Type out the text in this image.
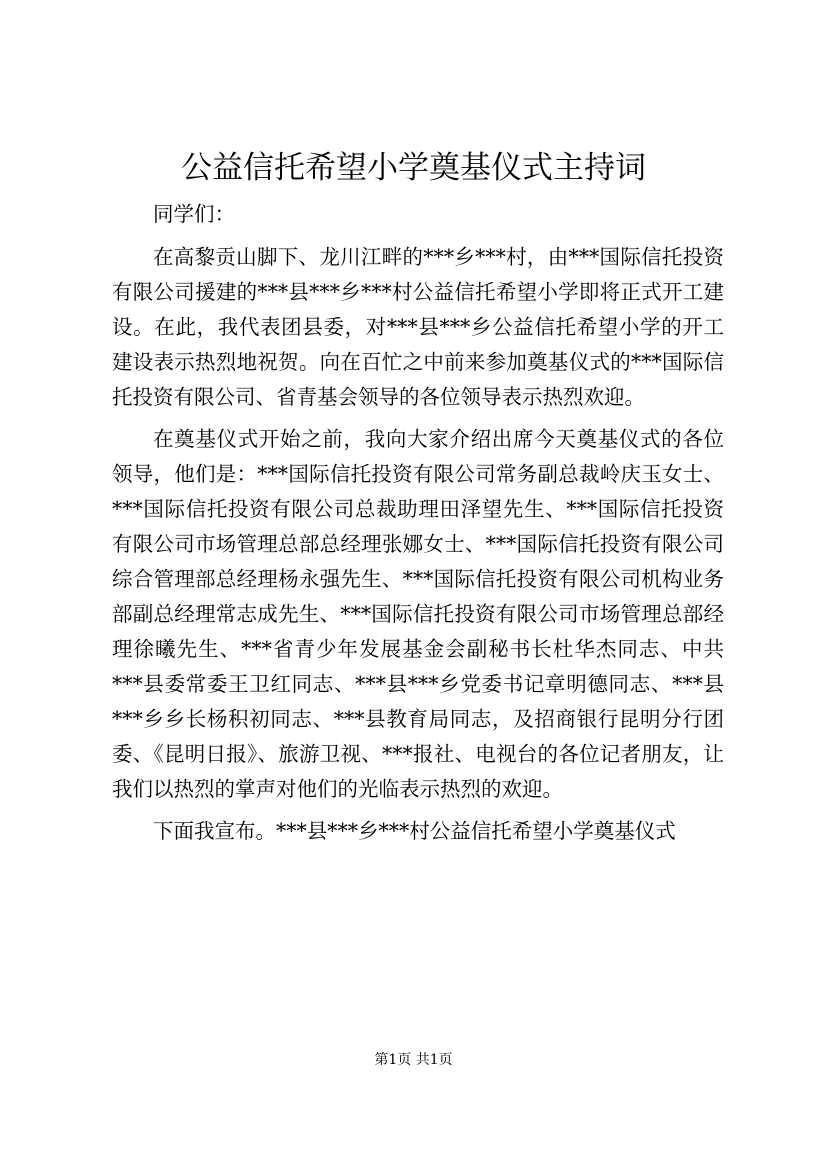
公益信托希望小学奠基仪式主持词

同学们：

在高黎贡山脚下、龙川江畔的***乡***村，由***国际信托投资有限公司援建的***县***乡***村公益信托希望小学即将正式开工建设。在此，我代表团县委，对***县***乡公益信托希望小学的开工建设表示热烈地祝贺。向在百忙之中前来参加奠基仪式的***国际信托投资有限公司、省青基会领导的各位领导表示热烈欢迎。

在奠基仪式开始之前，我向大家介绍出席今天奠基仪式的各位领导，他们是：***国际信托投资有限公司常务副总裁岭庆玉女士、***国际信托投资有限公司总裁助理田泽望先生、***国际信托投资有限公司市场管理总部总经理张娜女士、***国际信托投资有限公司综合管理部总经理杨永强先生、***国际信托投资有限公司机构业务部副总经理常志成先生、***国际信托投资有限公司市场管理总部经理徐曦先生、***省青少年发展基金会副秘书长杜华杰同志、中共***县委常委王卫红同志、***县***乡党委书记章明德同志、***县***乡乡长杨积初同志、***县教育局同志，及招商银行昆明分行团委、《昆明日报》、旅游卫视、***报社、电视台的各位记者朋友，让我们以热烈的掌声对他们的光临表示热烈的欢迎。

下面我宣布。***县***乡***村公益信托希望小学奠基仪式

第1页 共1页
